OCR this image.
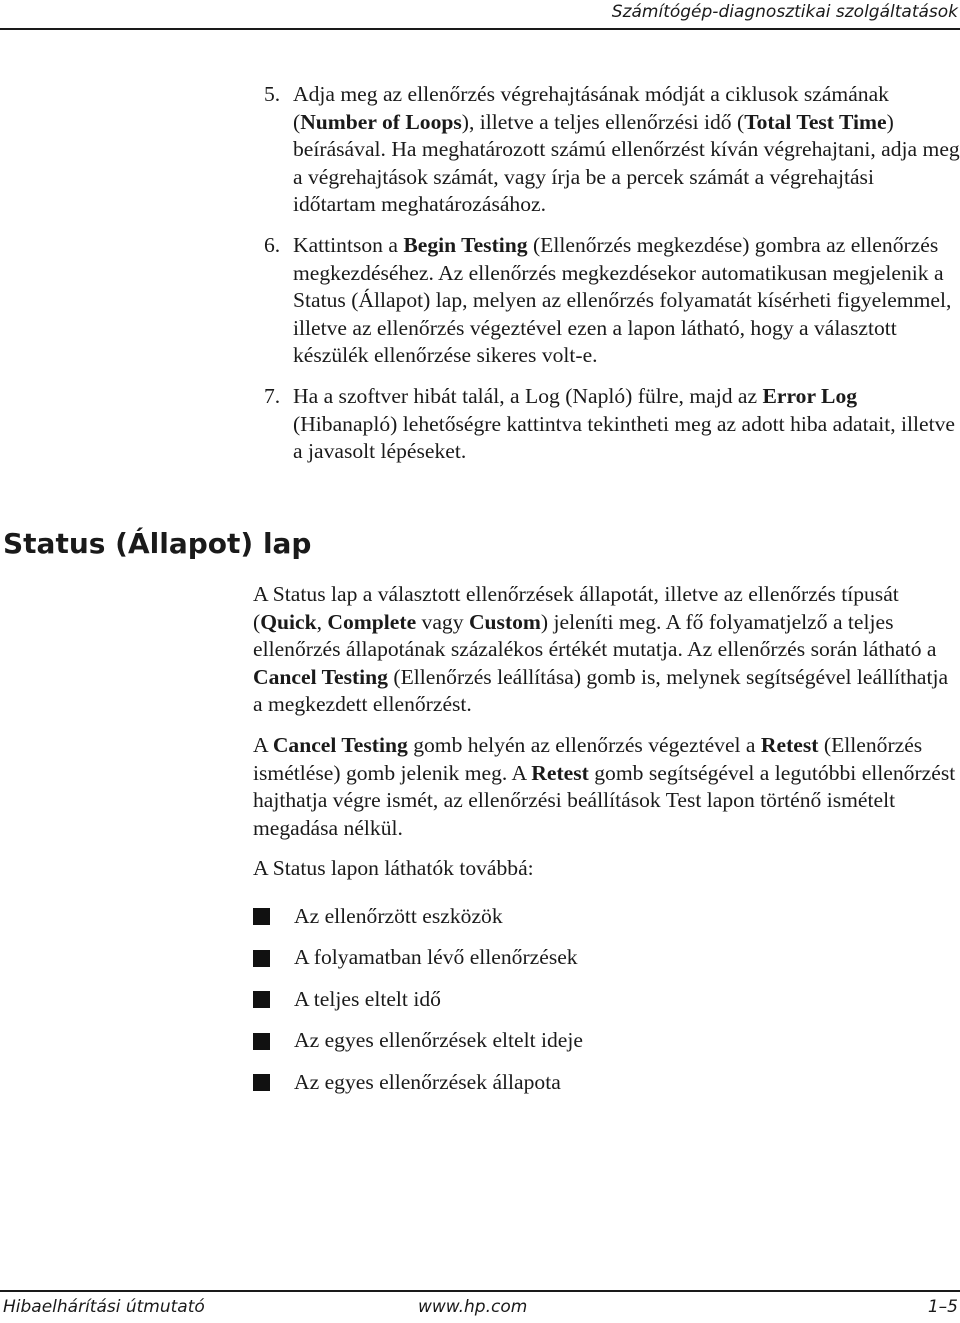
Számítógép-diagnosztikai szolgáltatások
5. Adja meg az ellenőrzés végrehajtásának módját a ciklusok számának (Number of Loops), illetve a teljes ellenőrzési idő (Total Test Time) beírásával. Ha meghatározott számú ellenőrzést kíván végrehajtani, adja meg a végrehajtások számát, vagy írja be a percek számát a végrehajtási időtartam meghatározásához.
6. Kattintson a Begin Testing (Ellenőrzés megkezdése) gombra az ellenőrzés megkezdéséhez. Az ellenőrzés megkezdésekor automatikusan megjelenik a Status (Állapot) lap, melyen az ellenőrzés folyamatát kísérheti figyelemmel, illetve az ellenőrzés végeztével ezen a lapon látható, hogy a választott készülék ellenőrzése sikeres volt-e.
7. Ha a szoftver hibát talál, a Log (Napló) fülre, majd az Error Log (Hibanapló) lehetőségre kattintva tekintheti meg az adott hiba adatait, illetve a javasolt lépéseket.
Status (Állapot) lap

A Status lap a választott ellenőrzések állapotát, illetve az ellenőrzés típusát (Quick, Complete vagy Custom) jeleníti meg. A fő folyamatjelző a teljes ellenőrzés állapotának százalékos értékét mutatja. Az ellenőrzés során látható a Cancel Testing (Ellenőrzés leállítása) gomb is, melynek segítségével leállíthatja a megkezdett ellenőrzést.

A Cancel Testing gomb helyén az ellenőrzés végeztével a Retest (Ellenőrzés ismétlése) gomb jelenik meg. A Retest gomb segítségével a legutóbbi ellenőrzést hajthatja végre ismét, az ellenőrzési beállítások Test lapon történő ismételt megadása nélkül.

A Status lapon láthatók továbbá:

Az ellenőrzött eszközök
A folyamatban lévő ellenőrzések
A teljes eltelt idő
Az egyes ellenőrzések eltelt ideje
Az egyes ellenőrzések állapota
Hibaelhárítási útmutató	www.hp.com	1–5
